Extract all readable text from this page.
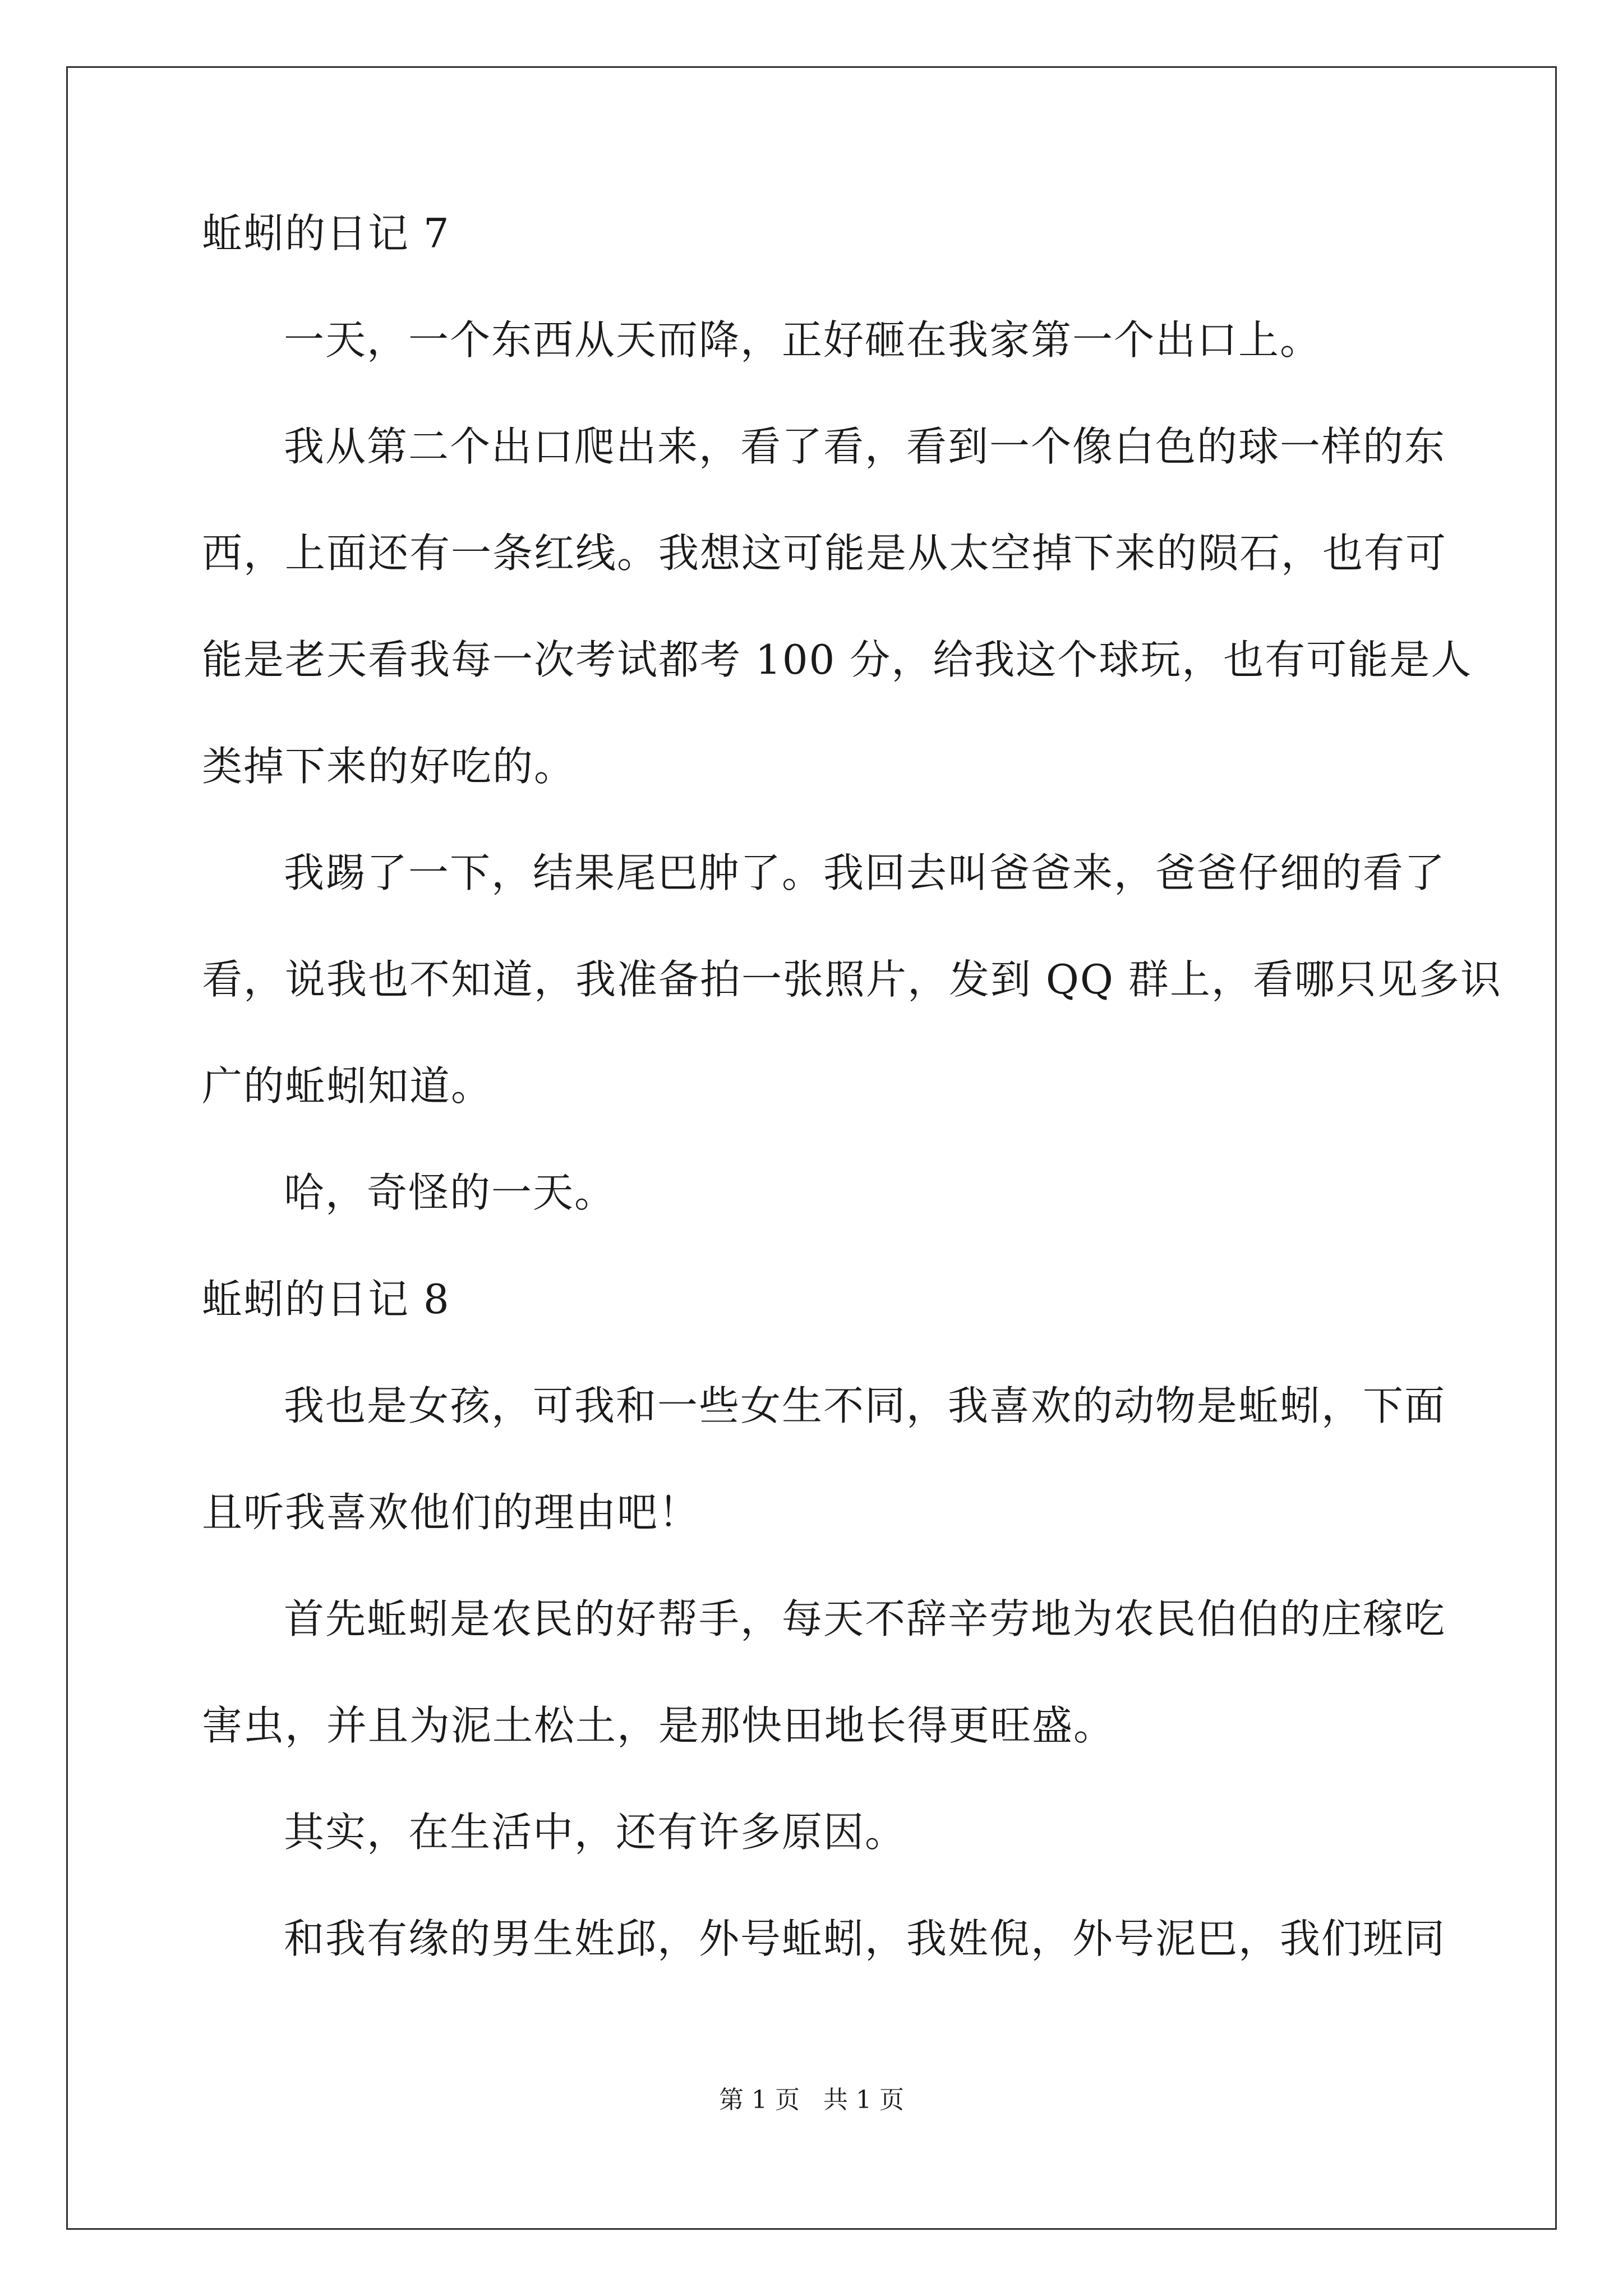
蚯蚓的日记 7

一天，一个东西从天而降，正好砸在我家第一个出口上。

我从第二个出口爬出来，看了看，看到一个像白色的球一样的东

西，上面还有一条红线。我想这可能是从太空掉下来的陨石，也有可

能是老天看我每一次考试都考 100 分，给我这个球玩，也有可能是人

类掉下来的好吃的。

我踢了一下，结果尾巴肿了。我回去叫爸爸来，爸爸仔细的看了

看，说我也不知道，我准备拍一张照片，发到 QQ 群上，看哪只见多识

广的蚯蚓知道。

哈，奇怪的一天。

蚯蚓的日记 8

我也是女孩，可我和一些女生不同，我喜欢的动物是蚯蚓，下面

且听我喜欢他们的理由吧！

首先蚯蚓是农民的好帮手，每天不辞辛劳地为农民伯伯的庄稼吃

害虫，并且为泥土松土，是那快田地长得更旺盛。

其实，在生活中，还有许多原因。

和我有缘的男生姓邱，外号蚯蚓，我姓倪，外号泥巴，我们班同

第 1 页 共 1 页
